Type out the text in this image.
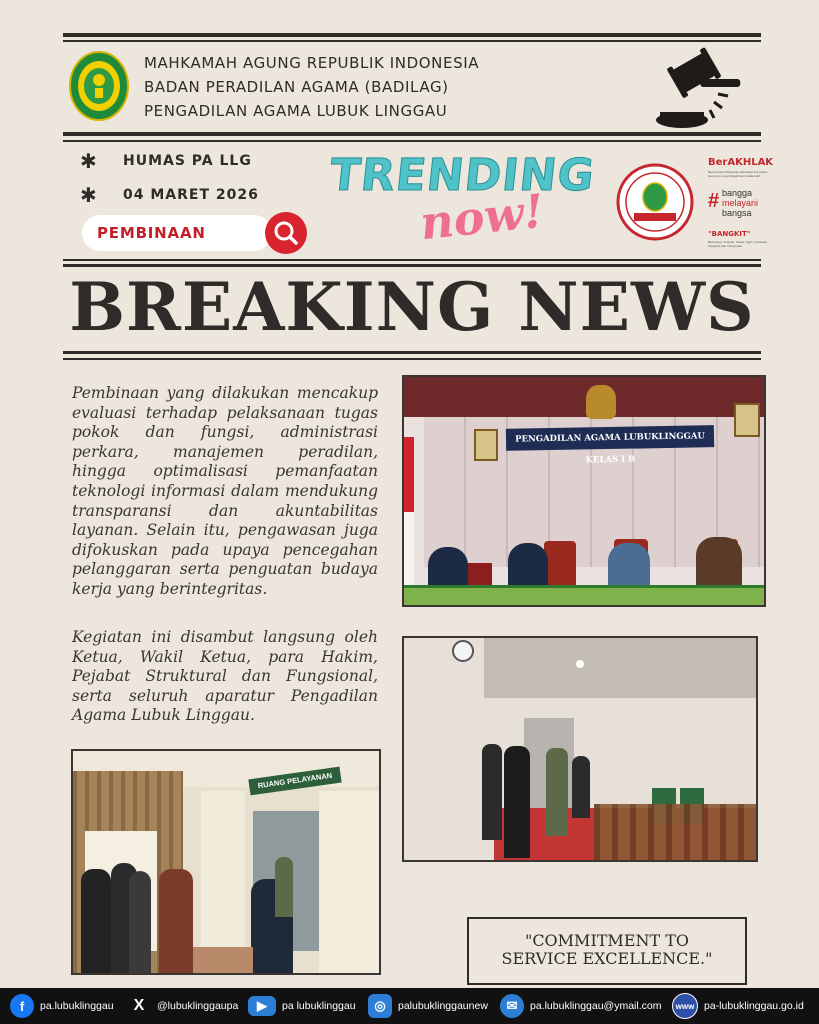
MAHKAMAH AGUNG REPUBLIK INDONESIA
BADAN PERADILAN AGAMA (BADILAG)
PENGADILAN AGAMA LUBUK LINGGAU
✱ HUMAS PA LLG
✱ 04 MARET 2026
PEMBINAAN
TRENDING
now!
BerAKHLAK
Berorientasi Pelayanan Akuntabel Kompeten Harmonis Loyal Adaptif dan Kolaboratif
# bangga
melayani
bangsa
"BANGKIT"
Bersinergi, Amanah, Netral, Gigih, Kesatuan, Integritas dan Transparan
BREAKING NEWS
Pembinaan yang dilakukan mencakup evaluasi terhadap pelaksanaan tugas pokok dan fungsi, administrasi perkara, manajemen peradilan, hingga optimalisasi pemanfaatan teknologi informasi dalam mendukung transparansi dan akuntabilitas layanan. Selain itu, pengawasan juga difokuskan pada upaya pencegahan pelanggaran serta penguatan budaya kerja yang berintegritas.
Kegiatan ini disambut langsung oleh Ketua, Wakil Ketua, para Hakim, Pejabat Struktural dan Fungsional, serta seluruh aparatur Pengadilan Agama Lubuk Linggau.
PENGADILAN AGAMA LUBUKLINGGAU KELAS I B
RUANG PELAYANAN
"COMMITMENT TO
SERVICE EXCELLENCE."
f	pa.lubuklinggau	X	@lubuklinggaupa	▶	pa lubuklinggau	◎	palubuklinggaunew	✉	pa.lubuklinggau@ymail.com	www pa-lubuklinggau.go.id
